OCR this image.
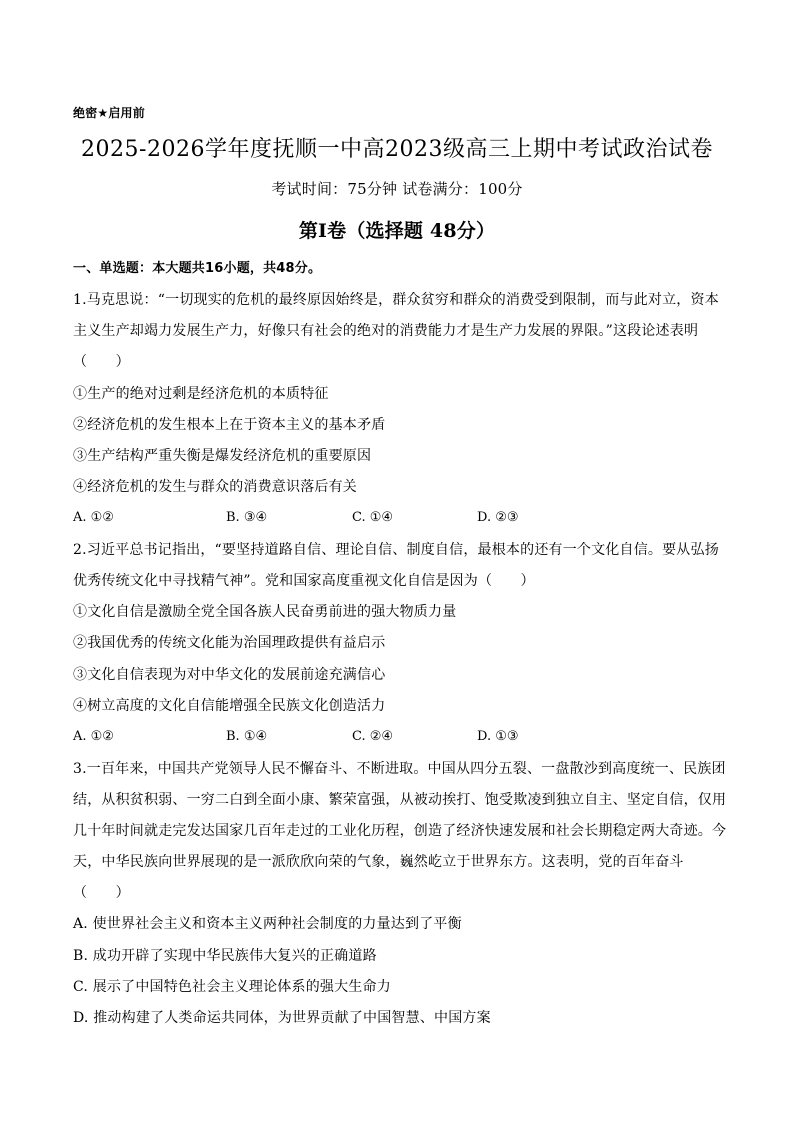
绝密★启用前
2025-2026学年度抚顺一中高2023级高三上期中考试政治试卷
考试时间：75分钟 试卷满分：100分
第I卷（选择题 48分）
一、单选题：本大题共16小题，共48分。
1.马克思说：“一切现实的危机的最终原因始终是，群众贫穷和群众的消费受到限制，而与此对立，资本
主义生产却竭力发展生产力，好像只有社会的绝对的消费能力才是生产力发展的界限。”这段论述表明
（　　）
①生产的绝对过剩是经济危机的本质特征
②经济危机的发生根本上在于资本主义的基本矛盾
③生产结构严重失衡是爆发经济危机的重要原因
④经济危机的发生与群众的消费意识落后有关
A. ①②	B. ③④	C. ①④	D. ②③
2.习近平总书记指出，“要坚持道路自信、理论自信、制度自信，最根本的还有一个文化自信。要从弘扬
优秀传统文化中寻找精气神”。党和国家高度重视文化自信是因为（　　）
①文化自信是激励全党全国各族人民奋勇前进的强大物质力量
②我国优秀的传统文化能为治国理政提供有益启示
③文化自信表现为对中华文化的发展前途充满信心
④树立高度的文化自信能增强全民族文化创造活力
A. ①②	B. ①④	C. ②④	D. ①③
3.一百年来，中国共产党领导人民不懈奋斗、不断进取。中国从四分五裂、一盘散沙到高度统一、民族团
结，从积贫积弱、一穷二白到全面小康、繁荣富强，从被动挨打、饱受欺凌到独立自主、坚定自信，仅用
几十年时间就走完发达国家几百年走过的工业化历程，创造了经济快速发展和社会长期稳定两大奇迹。今
天，中华民族向世界展现的是一派欣欣向荣的气象，巍然屹立于世界东方。这表明，党的百年奋斗
（　　）
A. 使世界社会主义和资本主义两种社会制度的力量达到了平衡
B. 成功开辟了实现中华民族伟大复兴的正确道路
C. 展示了中国特色社会主义理论体系的强大生命力
D. 推动构建了人类命运共同体，为世界贡献了中国智慧、中国方案
